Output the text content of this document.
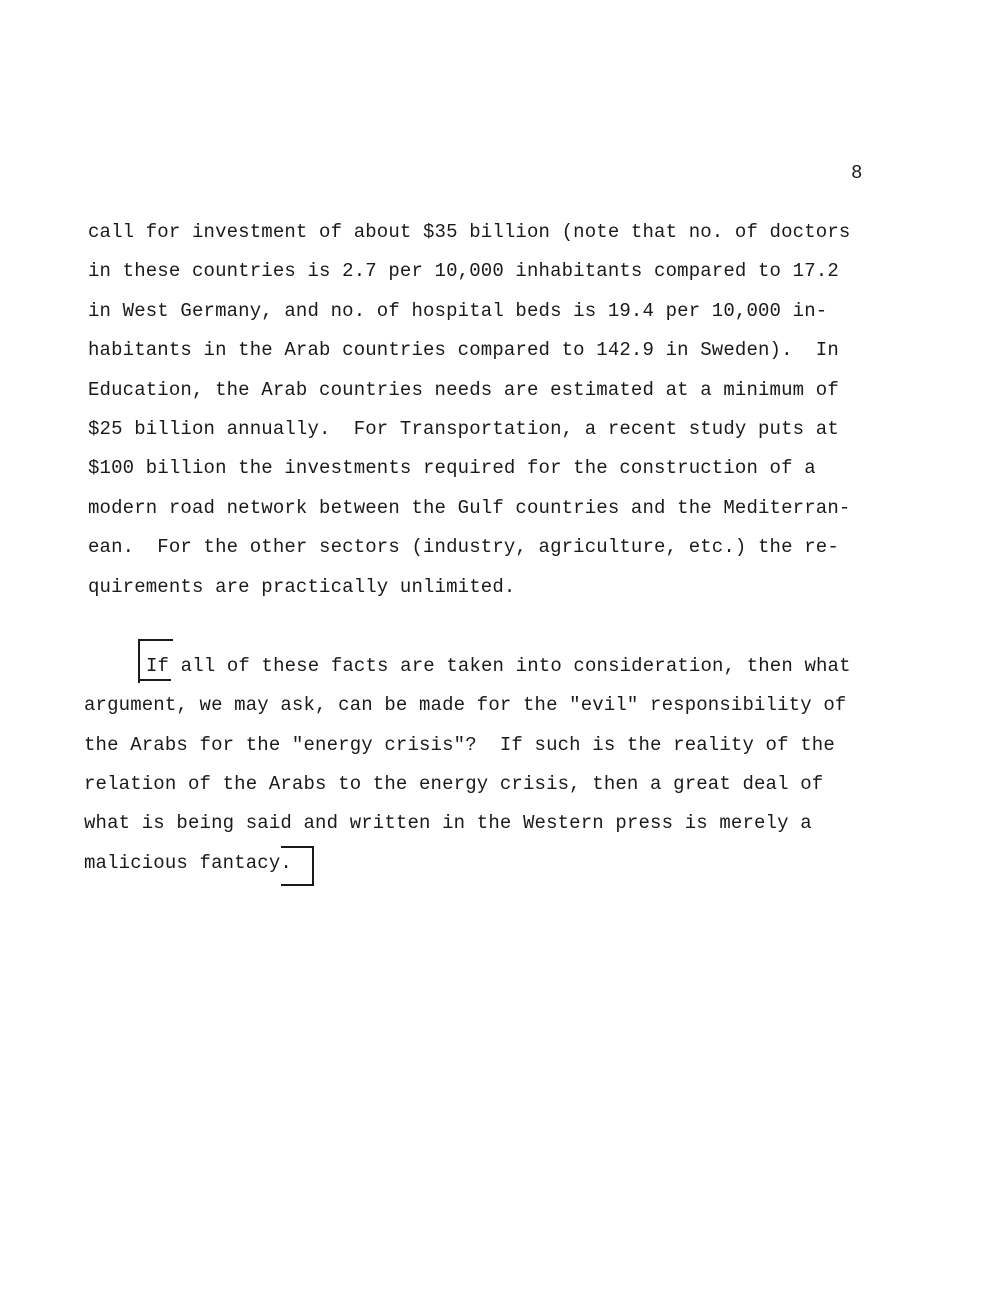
8
call for investment of about $35 billion (note that no. of doctors
in these countries is 2.7 per 10,000 inhabitants compared to 17.2
in West Germany, and no. of hospital beds is 19.4 per 10,000 in-
habitants in the Arab countries compared to 142.9 in Sweden).  In
Education, the Arab countries needs are estimated at a minimum of
$25 billion annually.  For Transportation, a recent study puts at
$100 billion the investments required for the construction of a
modern road network between the Gulf countries and the Mediterran-
ean.  For the other sectors (industry, agriculture, etc.) the re-
quirements are practically unlimited.
If all of these facts are taken into consideration, then what
argument, we may ask, can be made for the "evil" responsibility of
the Arabs for the "energy crisis"?  If such is the reality of the
relation of the Arabs to the energy crisis, then a great deal of
what is being said and written in the Western press is merely a
malicious fantacy.
